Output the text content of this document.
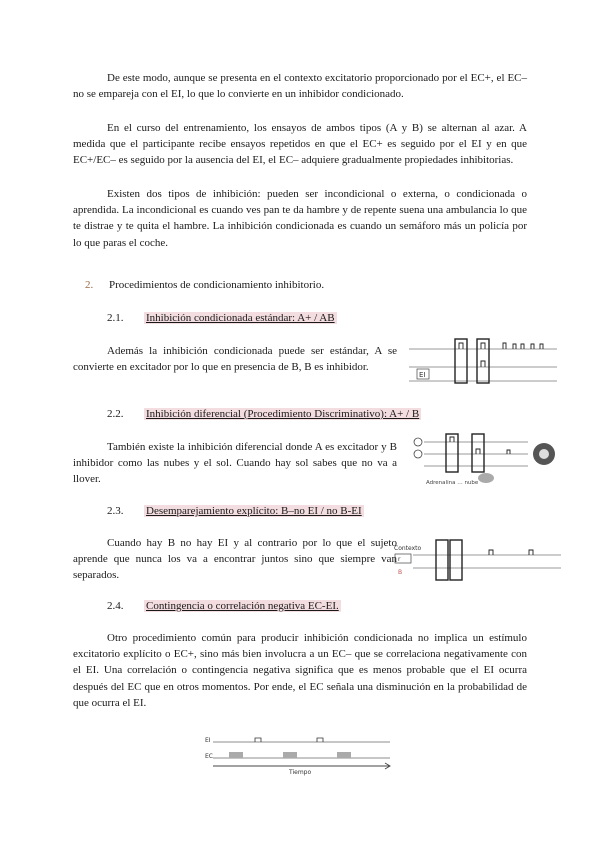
De este modo, aunque se presenta en el contexto excitatorio proporcionado por el EC+, el EC– no se empareja con el EI, lo que lo convierte en un inhibidor condicionado.
En el curso del entrenamiento, los ensayos de ambos tipos (A y B) se alternan al azar. A medida que el participante recibe ensayos repetidos en que el EC+ es seguido por el EI y en que EC+/EC– es seguido por la ausencia del EI, el EC– adquiere gradualmente propiedades inhibitorias.
Existen dos tipos de inhibición: pueden ser incondicional o externa, o condicionada o aprendida. La incondicional es cuando ves pan te da hambre y de repente suena una ambulancia lo que te distrae y te quita el hambre. La inhibición condicionada es cuando un semáforo más un policía por lo que paras el coche.
2. Procedimientos de condicionamiento inhibitorio.
2.1. Inhibición condicionada estándar: A+ / AB
Además la inhibición condicionada puede ser estándar, A se convierte en excitador por lo que en presencia de B, B es inhibidor.
EI
2.2. Inhibición diferencial (Procedimiento Discriminativo): A+ / B
También existe la inhibición diferencial donde A es excitador y B inhibidor como las nubes y el sol. Cuando hay sol sabes que no va a llover.	Adrenalina … nube
2.3. Desemparejamiento explícito: B–no EI / no B-EI
Cuando hay B no hay EI y al contrario por lo que el sujeto aprende que nunca los va a encontrar juntos sino que siempre van separados.
Contexto
r
B
2.4. Contingencia o correlación negativa EC-EI.
Otro procedimiento común para producir inhibición condicionada no implica un estímulo excitatorio explícito o EC+, sino más bien involucra a un EC– que se correlaciona negativamente con el EI. Una correlación o contingencia negativa significa que es menos probable que el EI ocurra después del EC que en otros momentos. Por ende, el EC señala una disminución en la probabilidad de que ocurra el EI.
EI
EC
Tiempo
